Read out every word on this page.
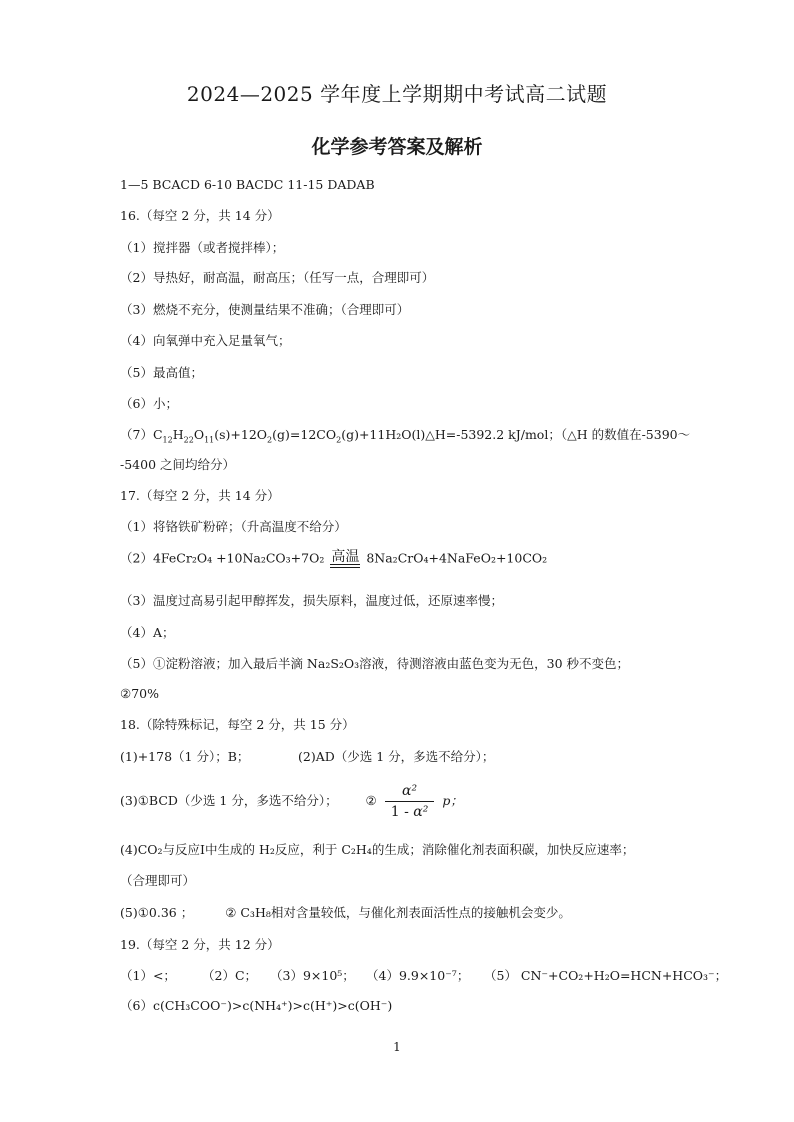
2024—2025 学年度上学期期中考试高二试题
化学参考答案及解析
1—5 BCACD 6-10 BACDC 11-15 DADAB
16.（每空 2 分，共 14 分）
（1）搅拌器（或者搅拌棒）；
（2）导热好，耐高温，耐高压；（任写一点，合理即可）
（3）燃烧不充分，使测量结果不准确；（合理即可）
（4）向氧弹中充入足量氧气；
（5）最高值；
（6）小；
$(7)C_{12}H_{22}O_{11}(s)+12O_2(g)=12CO_2(g)+11H_2O(l)\triangle H=-5392.2$ kJ/mol；（△H 的数值在-5390～
-5400 之间均给分）
17.（每空 2 分，共 14 分）
（1）将铬铁矿粉碎；（升高温度不给分）
（2）4FeCr₂O₄ +10Na₂CO₃+7O₂ 高温 8Na₂CrO₄+4NaFeO₂+10CO₂
（3）温度过高易引起甲醇挥发，损失原料，温度过低，还原速率慢；
（4）A；
（5）①淀粉溶液；加入最后半滴 Na₂S₂O₃溶液，待测溶液由蓝色变为无色，30 秒不变色；
②70%
18.（除特殊标记，每空 2 分，共 15 分）
(1)+178（1 分）；B；	(2)AD（少选 1 分，多选不给分）；
(3)①BCD（少选 1 分，多选不给分）； ② $\frac{\text{α²}}{\text{1 - α²}}$ p；
(4)CO₂与反应Ⅰ中生成的 H₂反应，利于 C₂H₄的生成；消除催化剂表面积碳，加快反应速率；
（合理即可）
(5)①0.36 ；	② C₃H₈相对含量较低，与催化剂表面活性点的接触机会变少。
19.（每空 2 分，共 12 分）
（1）<； （2）C； （3）9×10⁵； （4）9.9×10⁻⁷； （5） CN⁻+CO₂+H₂O=HCN+HCO₃⁻；
（6）c(CH₃COO⁻)>c(NH₄⁺)>c(H⁺)>c(OH⁻)
1
